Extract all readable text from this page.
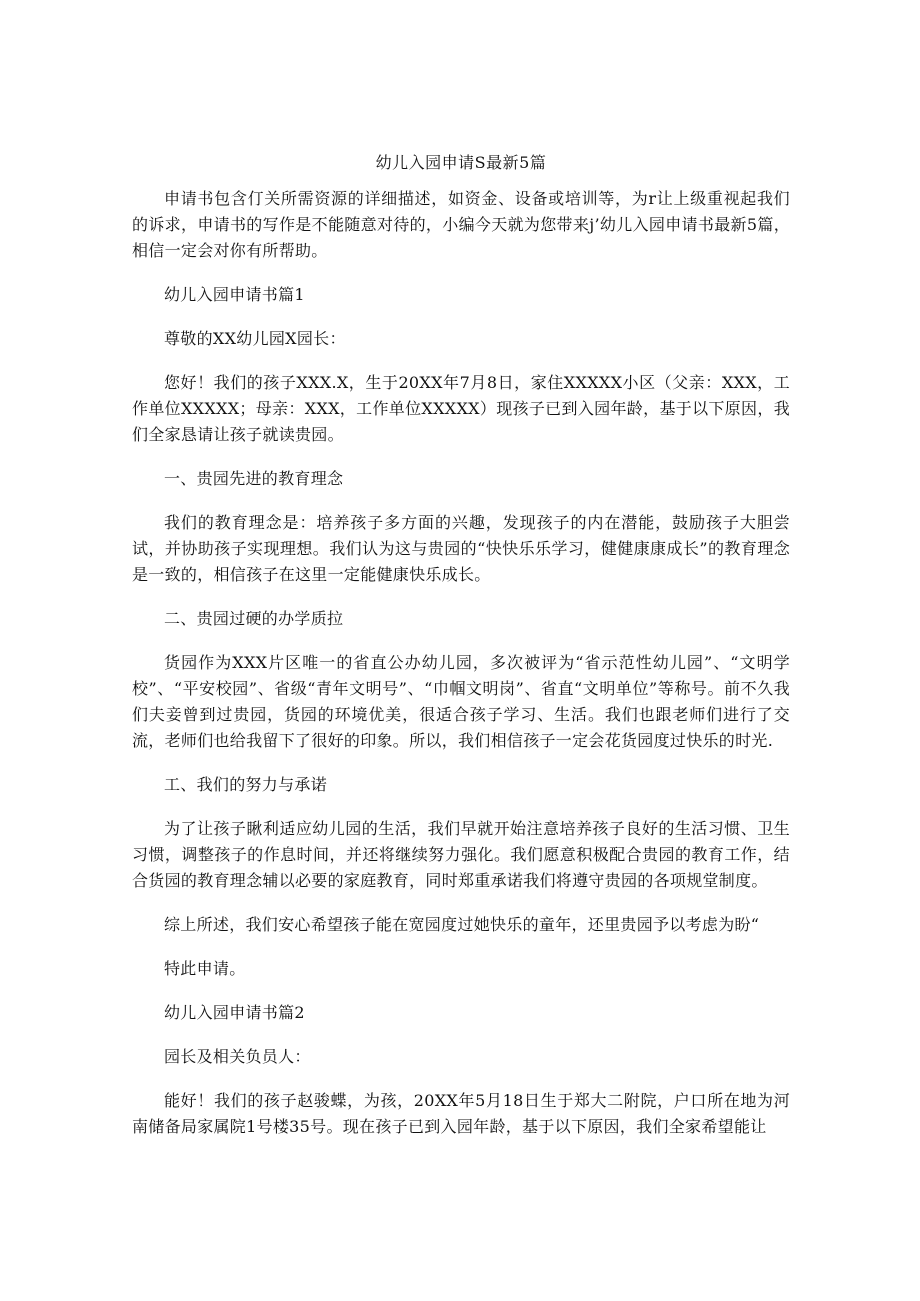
幼儿入园申请S最新5篇

申请书包含仃关所需资源的详细描述，如资金、设备或培训等，为r让上级重视起我们的诉求，申请书的写作是不能随意对待的，小编今天就为您带来j’幼儿入园申请书最新5篇，相信一定会对你有所帮助。

幼儿入园申请书篇1

尊敬的XX幼儿园X园长：

您好！我们的孩子XXX.X，生于20XX年7月8日，家住XXXXX小区（父亲：XXX，工作单位XXXXX；母亲：XXX，工作单位XXXXX）现孩子已到入园年龄，基于以下原因，我们全家恳请让孩子就读贵园。

一、贵园先进的教育理念

我们的教育理念是：培养孩子多方面的兴趣，发现孩子的内在潜能，鼓励孩子大胆尝试，并协助孩子实现理想。我们认为这与贵园的“快快乐乐学习，健健康康成长”的教育理念是一致的，相信孩子在这里一定能健康快乐成长。

二、贵园过硬的办学质拉

货园作为XXX片区唯一的省直公办幼儿园，多次被评为“省示范性幼儿园”、“文明学校”、“平安校园”、省级“青年文明号”、“巾帼文明岗”、省直“文明单位”等称号。前不久我们夫妾曾到过贵园，货园的环境优美，很适合孩子学习、生活。我们也跟老师们进行了交流，老师们也给我留下了很好的印象。所以，我们相信孩子一定会花货园度过快乐的时光.

工、我们的努力与承诺

为了让孩子瞅利适应幼儿园的生活，我们早就开始注意培养孩子良好的生活习惯、卫生习惯，调整孩子的作息时间，并还将继续努力强化。我们愿意积极配合贵园的教育工作，结合货园的教育理念辅以必要的家庭教育，同时郑重承诺我们将遵守贵园的各项规堂制度。

综上所述，我们安心希望孩子能在宽园度过她快乐的童年，还里贵园予以考虑为盼“

特此申请。

幼儿入园申请书篇2

园长及相关负员人：

能好！我们的孩子赵骏蝶，为孩，20XX年5月18日生于郑大二附院，户口所在地为河南储备局家属院1号楼35号。现在孩子已到入园年龄，基于以下原因，我们全家希望能让
